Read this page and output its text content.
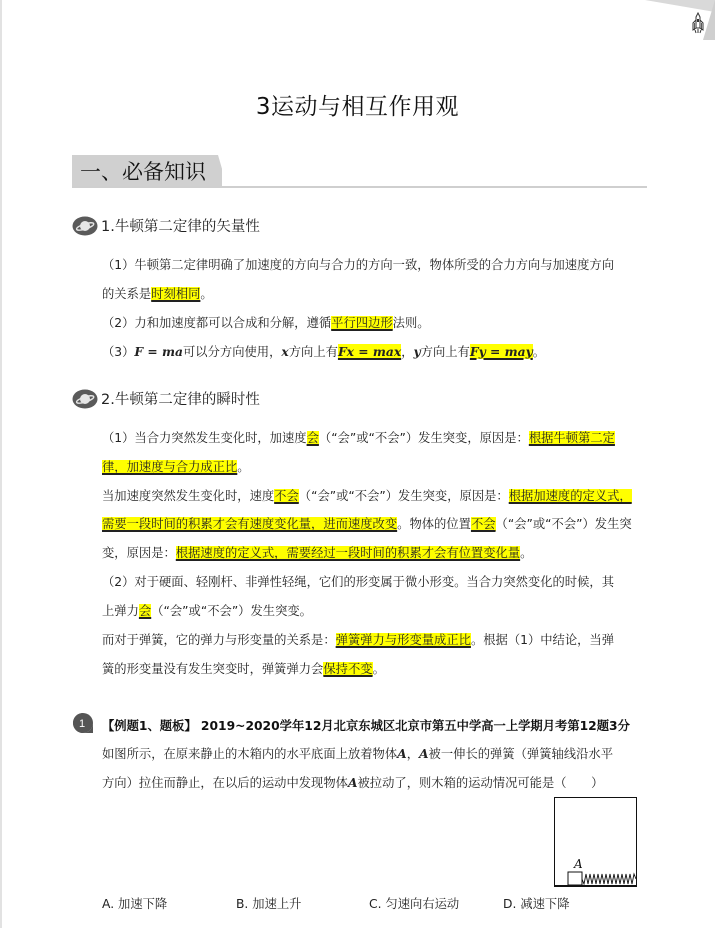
3运动与相互作用观
一、必备知识
1.牛顿第二定律的矢量性
（1）牛顿第二定律明确了加速度的方向与合力的方向一致，物体所受的合力方向与加速度方向
的关系是时刻相同。
（2）力和加速度都可以合成和分解，遵循平行四边形法则。
（3）F = ma可以分方向使用，x方向上有Fx = max，y方向上有Fy = may。
2.牛顿第二定律的瞬时性
（1）当合力突然发生变化时，加速度会（“会”或“不会”）发生突变，原因是：根据牛顿第二定
律，加速度与合力成正比。
当加速度突然发生变化时，速度不会（“会”或“不会”）发生突变，原因是：根据加速度的定义式，
需要一段时间的积累才会有速度变化量，进而速度改变。物体的位置不会（“会”或“不会”）发生突
变，原因是：根据速度的定义式，需要经过一段时间的积累才会有位置变化量。
（2）对于硬面、轻刚杆、非弹性轻绳，它们的形变属于微小形变。当合力突然变化的时候，其
上弹力会（“会”或“不会”）发生突变。
而对于弹簧，它的弹力与形变量的关系是：弹簧弹力与形变量成正比。根据（1）中结论，当弹
簧的形变量没有发生突变时，弹簧弹力会保持不变。
1 【例题1、题板】 2019~2020学年12月北京东城区北京市第五中学高一上学期月考第12题3分
如图所示，在原来静止的木箱内的水平底面上放着物体A，A被一伸长的弹簧（弹簧轴线沿水平
方向）拉住而静止，在以后的运动中发现物体A被拉动了，则木箱的运动情况可能是（　　）
A
A. 加速下降	B. 加速上升	C. 匀速向右运动	D. 减速下降
